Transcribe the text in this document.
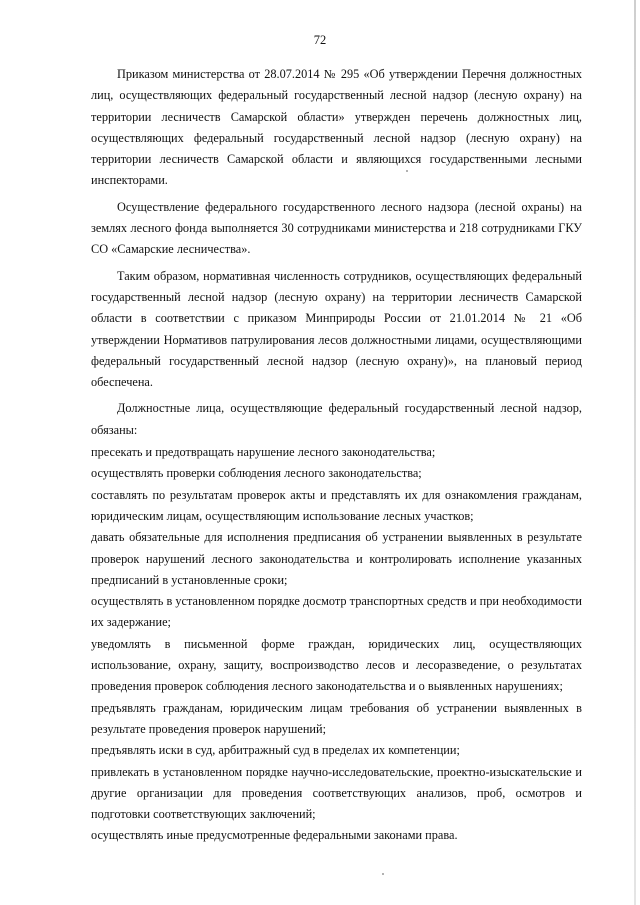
72

Приказом министерства от 28.07.2014 № 295 «Об утверждении Перечня должностных лиц, осуществляющих федеральный государственный лесной надзор (лесную охрану) на территории лесничеств Самарской области» утвержден перечень должностных лиц, осуществляющих федеральный государственный лесной надзор (лесную охрану) на территории лесничеств Самарской области и являющихся государственными лесными инспекторами.

Осуществление федерального государственного лесного надзора (лесной охраны) на землях лесного фонда выполняется 30 сотрудниками министерства и 218 сотрудниками ГКУ СО «Самарские лесничества».

Таким образом, нормативная численность сотрудников, осуществляющих федеральный государственный лесной надзор (лесную охрану) на территории лесничеств Самарской области в соответствии с приказом Минприроды России от 21.01.2014 № 21 «Об утверждении Нормативов патрулирования лесов должностными лицами, осуществляющими федеральный государственный лесной надзор (лесную охрану)», на плановый период обеспечена.

Должностные лица, осуществляющие федеральный государственный лесной надзор, обязаны:

пресекать и предотвращать нарушение лесного законодательства;

осуществлять проверки соблюдения лесного законодательства;

составлять по результатам проверок акты и представлять их для ознакомления гражданам, юридическим лицам, осуществляющим использование лесных участков;

давать обязательные для исполнения предписания об устранении выявленных в результате проверок нарушений лесного законодательства и контролировать исполнение указанных предписаний в установленные сроки;

осуществлять в установленном порядке досмотр транспортных средств и при необходимости их задержание;

уведомлять в письменной форме граждан, юридических лиц, осуществляющих использование, охрану, защиту, воспроизводство лесов и лесоразведение, о результатах проведения проверок соблюдения лесного законодательства и о выявленных нарушениях;

предъявлять гражданам, юридическим лицам требования об устранении выявленных в результате проведения проверок нарушений;

предъявлять иски в суд, арбитражный суд в пределах их компетенции;

привлекать в установленном порядке научно-исследовательские, проектно-изыскательские и другие организации для проведения соответствующих анализов, проб, осмотров и подготовки соответствующих заключений;

осуществлять иные предусмотренные федеральными законами права.
